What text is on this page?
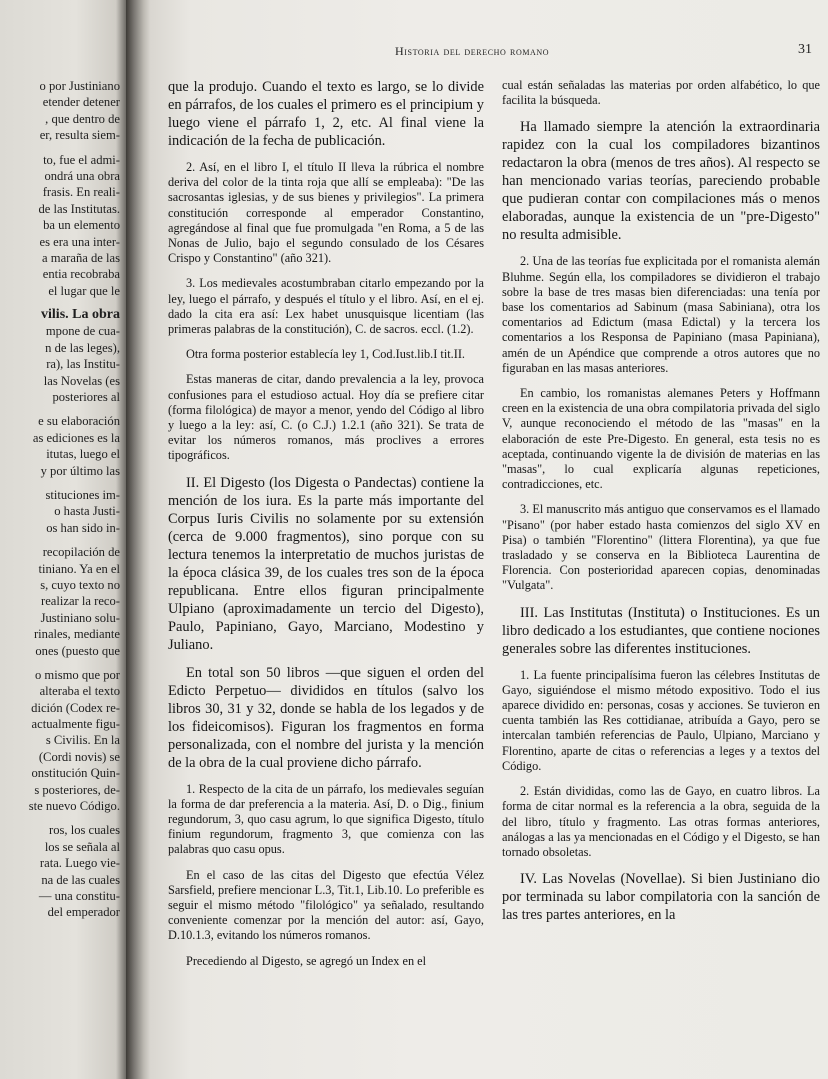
o por Justiniano
etender detener
, que dentro de
er, resulta siem-
to, fue el admi-
ondrá una obra
frasis. En reali-
de las Institutas.
ba un elemento
es era una inter-
a maraña de las
entia recobraba
el lugar que le
vilis. La obra
mpone de cua-
n de las leges),
ra), las Institu-
las Novelas (es
posteriores al
e su elaboración
as ediciones es la
itutas, luego el
y por último las
stituciones im-
o hasta Justi-
os han sido in-
recopilación de
tiniano. Ya en el
s, cuyo texto no
realizar la reco-
Justiniano solu-
rinales, mediante
ones (puesto que
o mismo que por
alteraba el texto
dición (Codex re-
actualmente figu-
s Civilis. En la
(Cordi novis) se
onstitución Quin-
s posteriores, de-
ste nuevo Código.
ros, los cuales
los se señala al
rata. Luego vie-
na de las cuales
— una constitu-
del emperador
Historia del derecho romano	31

que la produjo. Cuando el texto es largo, se lo divide en párrafos, de los cuales el primero es el principium y luego viene el párrafo 1, 2, etc. Al final viene la indicación de la fecha de publicación.

2. Así, en el libro I, el título II lleva la rúbrica el nombre deriva del color de la tinta roja que allí se empleaba): "De las sacrosantas iglesias, y de sus bienes y privilegios". La primera constitución corresponde al emperador Constantino, agregándose al final que fue promulgada "en Roma, a 5 de las Nonas de Julio, bajo el segundo consulado de los Césares Crispo y Constantino" (año 321).

3. Los medievales acostumbraban citarlo empezando por la ley, luego el párrafo, y después el título y el libro. Así, en el ej. dado la cita era así: Lex habet unusquisque licentiam (las primeras palabras de la constitución), C. de sacros. eccl. (1.2).

Otra forma posterior establecía ley 1, Cod.Iust.lib.I tit.II.

Estas maneras de citar, dando prevalencia a la ley, provoca confusiones para el estudioso actual. Hoy día se prefiere citar (forma filológica) de mayor a menor, yendo del Código al libro y luego a la ley: así, C. (o C.J.) 1.2.1 (año 321). Se trata de evitar los números romanos, más proclives a errores tipográficos.

II. El Digesto (los Digesta o Pandectas) contiene la mención de los iura. Es la parte más importante del Corpus Iuris Civilis no solamente por su extensión (cerca de 9.000 fragmentos), sino porque con su lectura tenemos la interpretatio de muchos juristas de la época clásica 39, de los cuales tres son de la época republicana. Entre ellos figuran principalmente Ulpiano (aproximadamente un tercio del Digesto), Paulo, Papiniano, Gayo, Marciano, Modestino y Juliano.

En total son 50 libros —que siguen el orden del Edicto Perpetuo— divididos en títulos (salvo los libros 30, 31 y 32, donde se habla de los legados y de los fideicomisos). Figuran los fragmentos en forma personalizada, con el nombre del jurista y la mención de la obra de la cual proviene dicho párrafo.

1. Respecto de la cita de un párrafo, los medievales seguían la forma de dar preferencia a la materia. Así, D. o Dig., finium regundorum, 3, quo casu agrum, lo que significa Digesto, título finium regundorum, fragmento 3, que comienza con las palabras quo casu opus.

En el caso de las citas del Digesto que efectúa Vélez Sarsfield, prefiere mencionar L.3, Tit.1, Lib.10. Lo preferible es seguir el mismo método "filológico" ya señalado, resultando conveniente comenzar por la mención del autor: así, Gayo, D.10.1.3, evitando los números romanos.

Precediendo al Digesto, se agregó un Index en el

cual están señaladas las materias por orden alfabético, lo que facilita la búsqueda.

Ha llamado siempre la atención la extraordinaria rapidez con la cual los compiladores bizantinos redactaron la obra (menos de tres años). Al respecto se han mencionado varias teorías, pareciendo probable que pudieran contar con compilaciones más o menos elaboradas, aunque la existencia de un "pre-Digesto" no resulta admisible.

2. Una de las teorías fue explicitada por el romanista alemán Bluhme. Según ella, los compiladores se dividieron el trabajo sobre la base de tres masas bien diferenciadas: una tenía por base los comentarios ad Sabinum (masa Sabiniana), otra los comentarios ad Edictum (masa Edictal) y la tercera los comentarios a los Responsa de Papiniano (masa Papiniana), amén de un Apéndice que comprende a otros autores que no figuraban en las masas anteriores.

En cambio, los romanistas alemanes Peters y Hoffmann creen en la existencia de una obra compilatoria privada del siglo V, aunque reconociendo el método de las "masas" en la elaboración de este Pre-Digesto. En general, esta tesis no es aceptada, continuando vigente la de división de materias en las "masas", lo cual explicaría algunas repeticiones, contradicciones, etc.

3. El manuscrito más antiguo que conservamos es el llamado "Pisano" (por haber estado hasta comienzos del siglo XV en Pisa) o también "Florentino" (littera Florentina), ya que fue trasladado y se conserva en la Biblioteca Laurentina de Florencia. Con posterioridad aparecen copias, denominadas "Vulgata".

III. Las Institutas (Instituta) o Instituciones. Es un libro dedicado a los estudiantes, que contiene nociones generales sobre las diferentes instituciones.

1. La fuente principalísima fueron las célebres Institutas de Gayo, siguiéndose el mismo método expositivo. Todo el ius aparece dividido en: personas, cosas y acciones. Se tuvieron en cuenta también las Res cottidianae, atribuída a Gayo, pero se intercalan también referencias de Paulo, Ulpiano, Marciano y Florentino, aparte de citas o referencias a leges y a textos del Código.

2. Están divididas, como las de Gayo, en cuatro libros. La forma de citar normal es la referencia a la obra, seguida de la del libro, título y fragmento. Las otras formas anteriores, análogas a las ya mencionadas en el Código y el Digesto, se han tornado obsoletas.

IV. Las Novelas (Novellae). Si bien Justiniano dio por terminada su labor compilatoria con la sanción de las tres partes anteriores, en la
